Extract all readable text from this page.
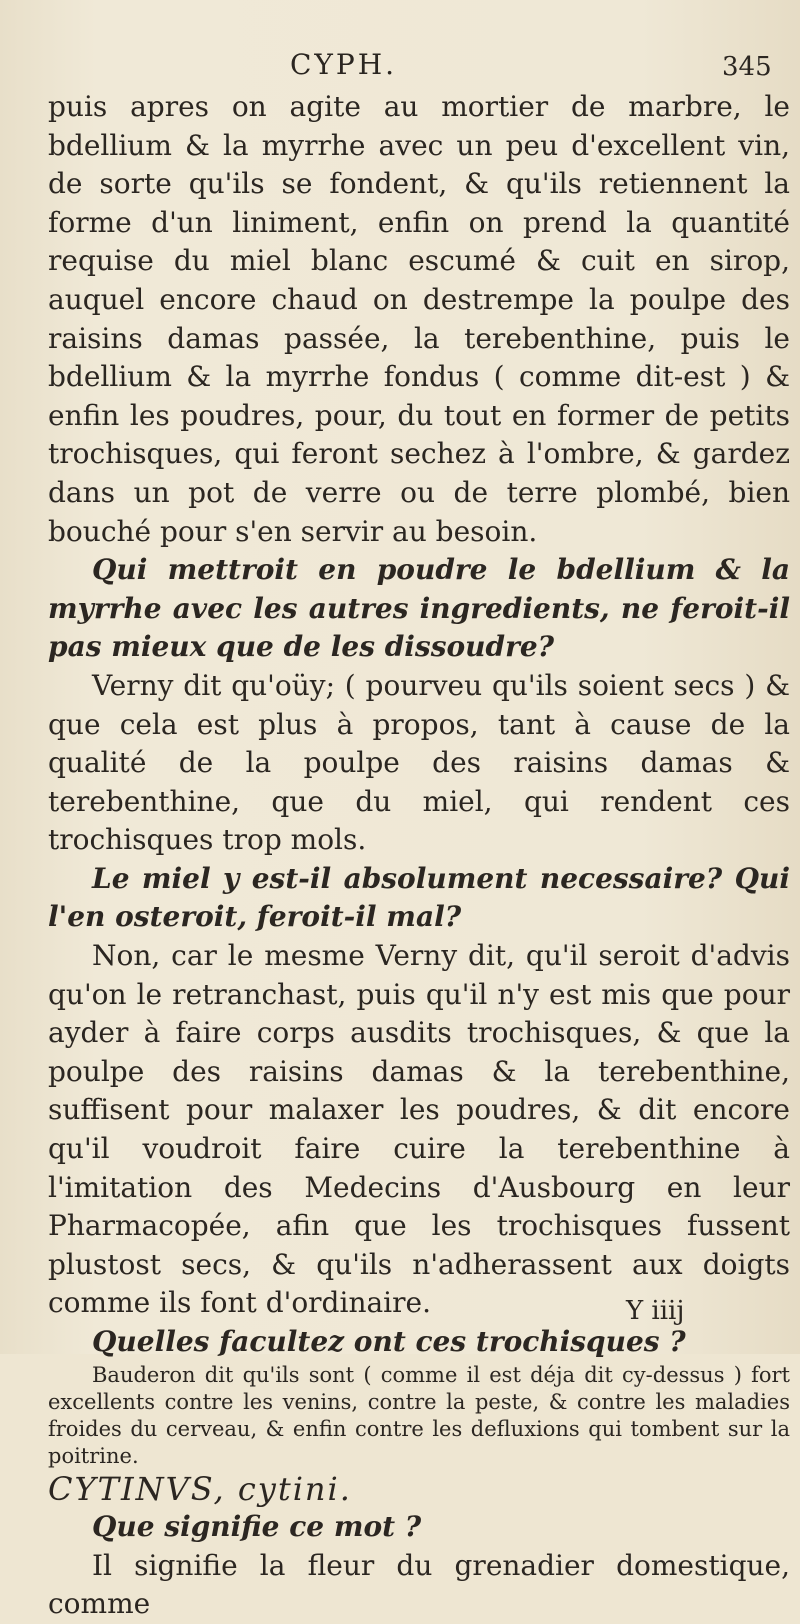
CYPH.	345

puis apres on agite au mortier de marbre, le bdellium & la myrrhe avec un peu d'excellent vin, de sorte qu'ils se fondent, & qu'ils retiennent la forme d'un liniment, enfin on prend la quantité requise du miel blanc escumé & cuit en sirop, auquel encore chaud on destrempe la poulpe des raisins damas passée, la terebenthine, puis le bdellium & la myrrhe fondus ( comme dit-est ) & enfin les poudres, pour, du tout en former de petits trochisques, qui feront sechez à l'ombre, & gardez dans un pot de verre ou de terre plombé, bien bouché pour s'en servir au besoin.

Qui mettroit en poudre le bdellium & la myrrhe avec les autres ingredients, ne feroit-il pas mieux que de les dissoudre?

Verny dit qu'oüy; ( pourveu qu'ils soient secs ) & que cela est plus à propos, tant à cause de la qualité de la poulpe des raisins damas & terebenthine, que du miel, qui rendent ces trochisques trop mols.

Le miel y est-il absolument necessaire? Qui l'en osteroit, feroit-il mal?

Non, car le mesme Verny dit, qu'il seroit d'advis qu'on le retranchast, puis qu'il n'y est mis que pour ayder à faire corps ausdits trochisques, & que la poulpe des raisins damas & la terebenthine, suffisent pour malaxer les poudres, & dit encore qu'il voudroit faire cuire la terebenthine à l'imitation des Medecins d'Ausbourg en leur Pharmacopée, afin que les trochisques fussent plustost secs, & qu'ils n'adherassent aux doigts comme ils font d'ordinaire.

Quelles facultez ont ces trochisques ?

Bauderon dit qu'ils sont ( comme il est déja dit cy-dessus ) fort excellents contre les venins, contre la peste, & contre les maladies froides du cerveau, & enfin contre les defluxions qui tombent sur la poitrine.

CYTINVS, cytini.

Que signifie ce mot ?

Il signifie la fleur du grenadier domestique, comme

Y iiij
